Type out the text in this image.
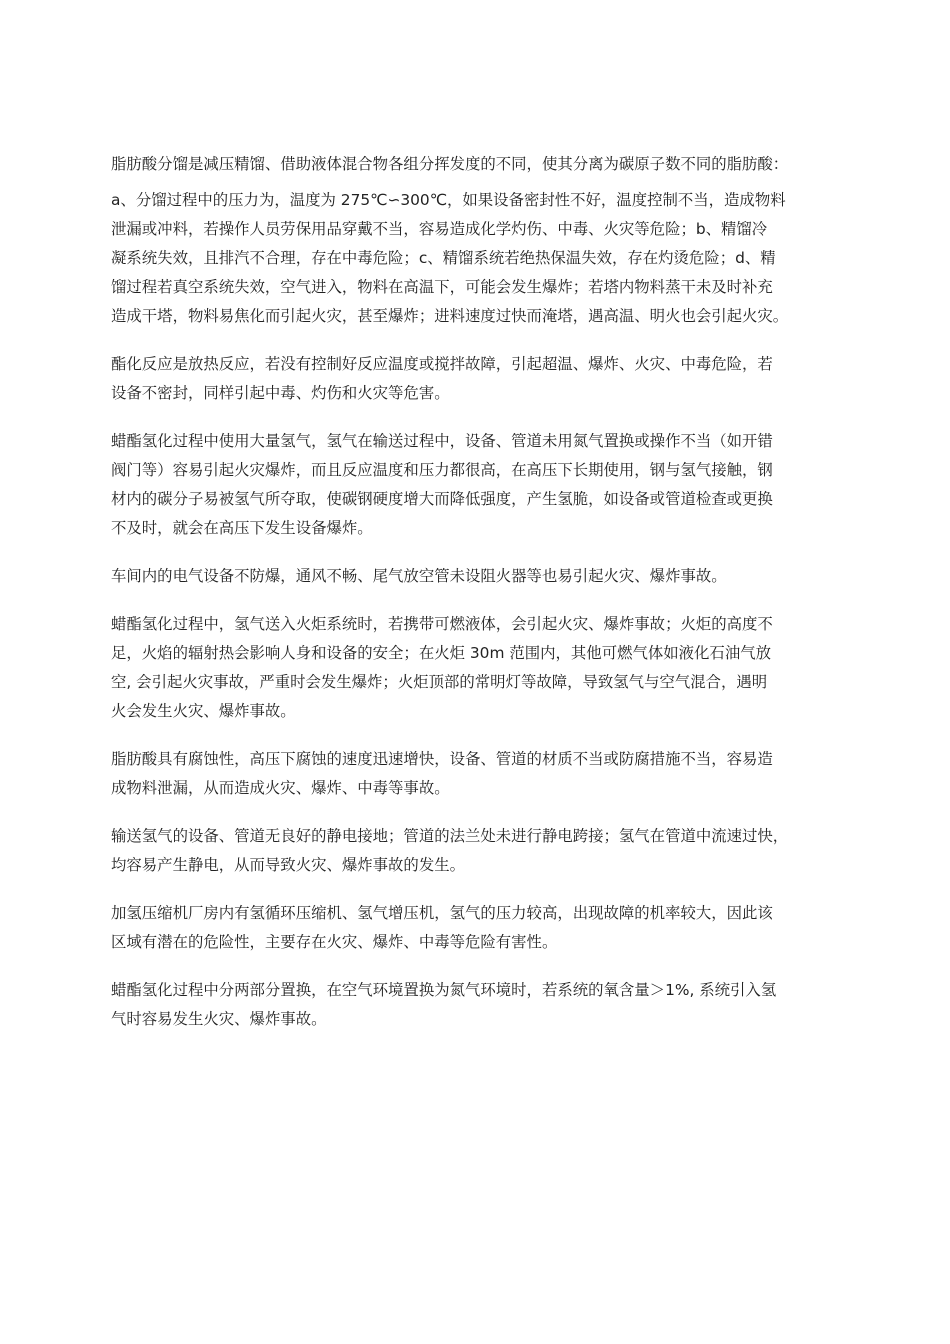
脂肪酸分馏是减压精馏、借助液体混合物各组分挥发度的不同，使其分离为碳原子数不同的脂肪酸：

a、分馏过程中的压力为，温度为 275℃∽300℃，如果设备密封性不好，温度控制不当，造成物料
泄漏或冲料，若操作人员劳保用品穿戴不当，容易造成化学灼伤、中毒、火灾等危险；b、精馏冷
凝系统失效，且排汽不合理，存在中毒危险；c、精馏系统若绝热保温失效，存在灼烫危险；d、精
馏过程若真空系统失效，空气进入，物料在高温下，可能会发生爆炸；若塔内物料蒸干未及时补充
造成干塔，物料易焦化而引起火灾，甚至爆炸；进料速度过快而淹塔，遇高温、明火也会引起火灾。

酯化反应是放热反应，若没有控制好反应温度或搅拌故障，引起超温、爆炸、火灾、中毒危险，若
设备不密封，同样引起中毒、灼伤和火灾等危害。

蜡酯氢化过程中使用大量氢气，氢气在输送过程中，设备、管道未用氮气置换或操作不当（如开错
阀门等）容易引起火灾爆炸，而且反应温度和压力都很高，在高压下长期使用，钢与氢气接触，钢
材内的碳分子易被氢气所夺取，使碳钢硬度增大而降低强度，产生氢脆，如设备或管道检查或更换
不及时，就会在高压下发生设备爆炸。

车间内的电气设备不防爆，通风不畅、尾气放空管未设阻火器等也易引起火灾、爆炸事故。

蜡酯氢化过程中，氢气送入火炬系统时，若携带可燃液体，会引起火灾、爆炸事故；火炬的高度不
足，火焰的辐射热会影响人身和设备的安全；在火炬 30m 范围内，其他可燃气体如液化石油气放
空, 会引起火灾事故，严重时会发生爆炸；火炬顶部的常明灯等故障，导致氢气与空气混合，遇明
火会发生火灾、爆炸事故。

脂肪酸具有腐蚀性，高压下腐蚀的速度迅速增快，设备、管道的材质不当或防腐措施不当，容易造
成物料泄漏，从而造成火灾、爆炸、中毒等事故。

输送氢气的设备、管道无良好的静电接地；管道的法兰处未进行静电跨接；氢气在管道中流速过快，
均容易产生静电，从而导致火灾、爆炸事故的发生。

加氢压缩机厂房内有氢循环压缩机、氢气增压机，氢气的压力较高，出现故障的机率较大，因此该
区域有潜在的危险性，主要存在火灾、爆炸、中毒等危险有害性。

蜡酯氢化过程中分两部分置换，在空气环境置换为氮气环境时，若系统的氧含量＞1%, 系统引入氢
气时容易发生火灾、爆炸事故。
